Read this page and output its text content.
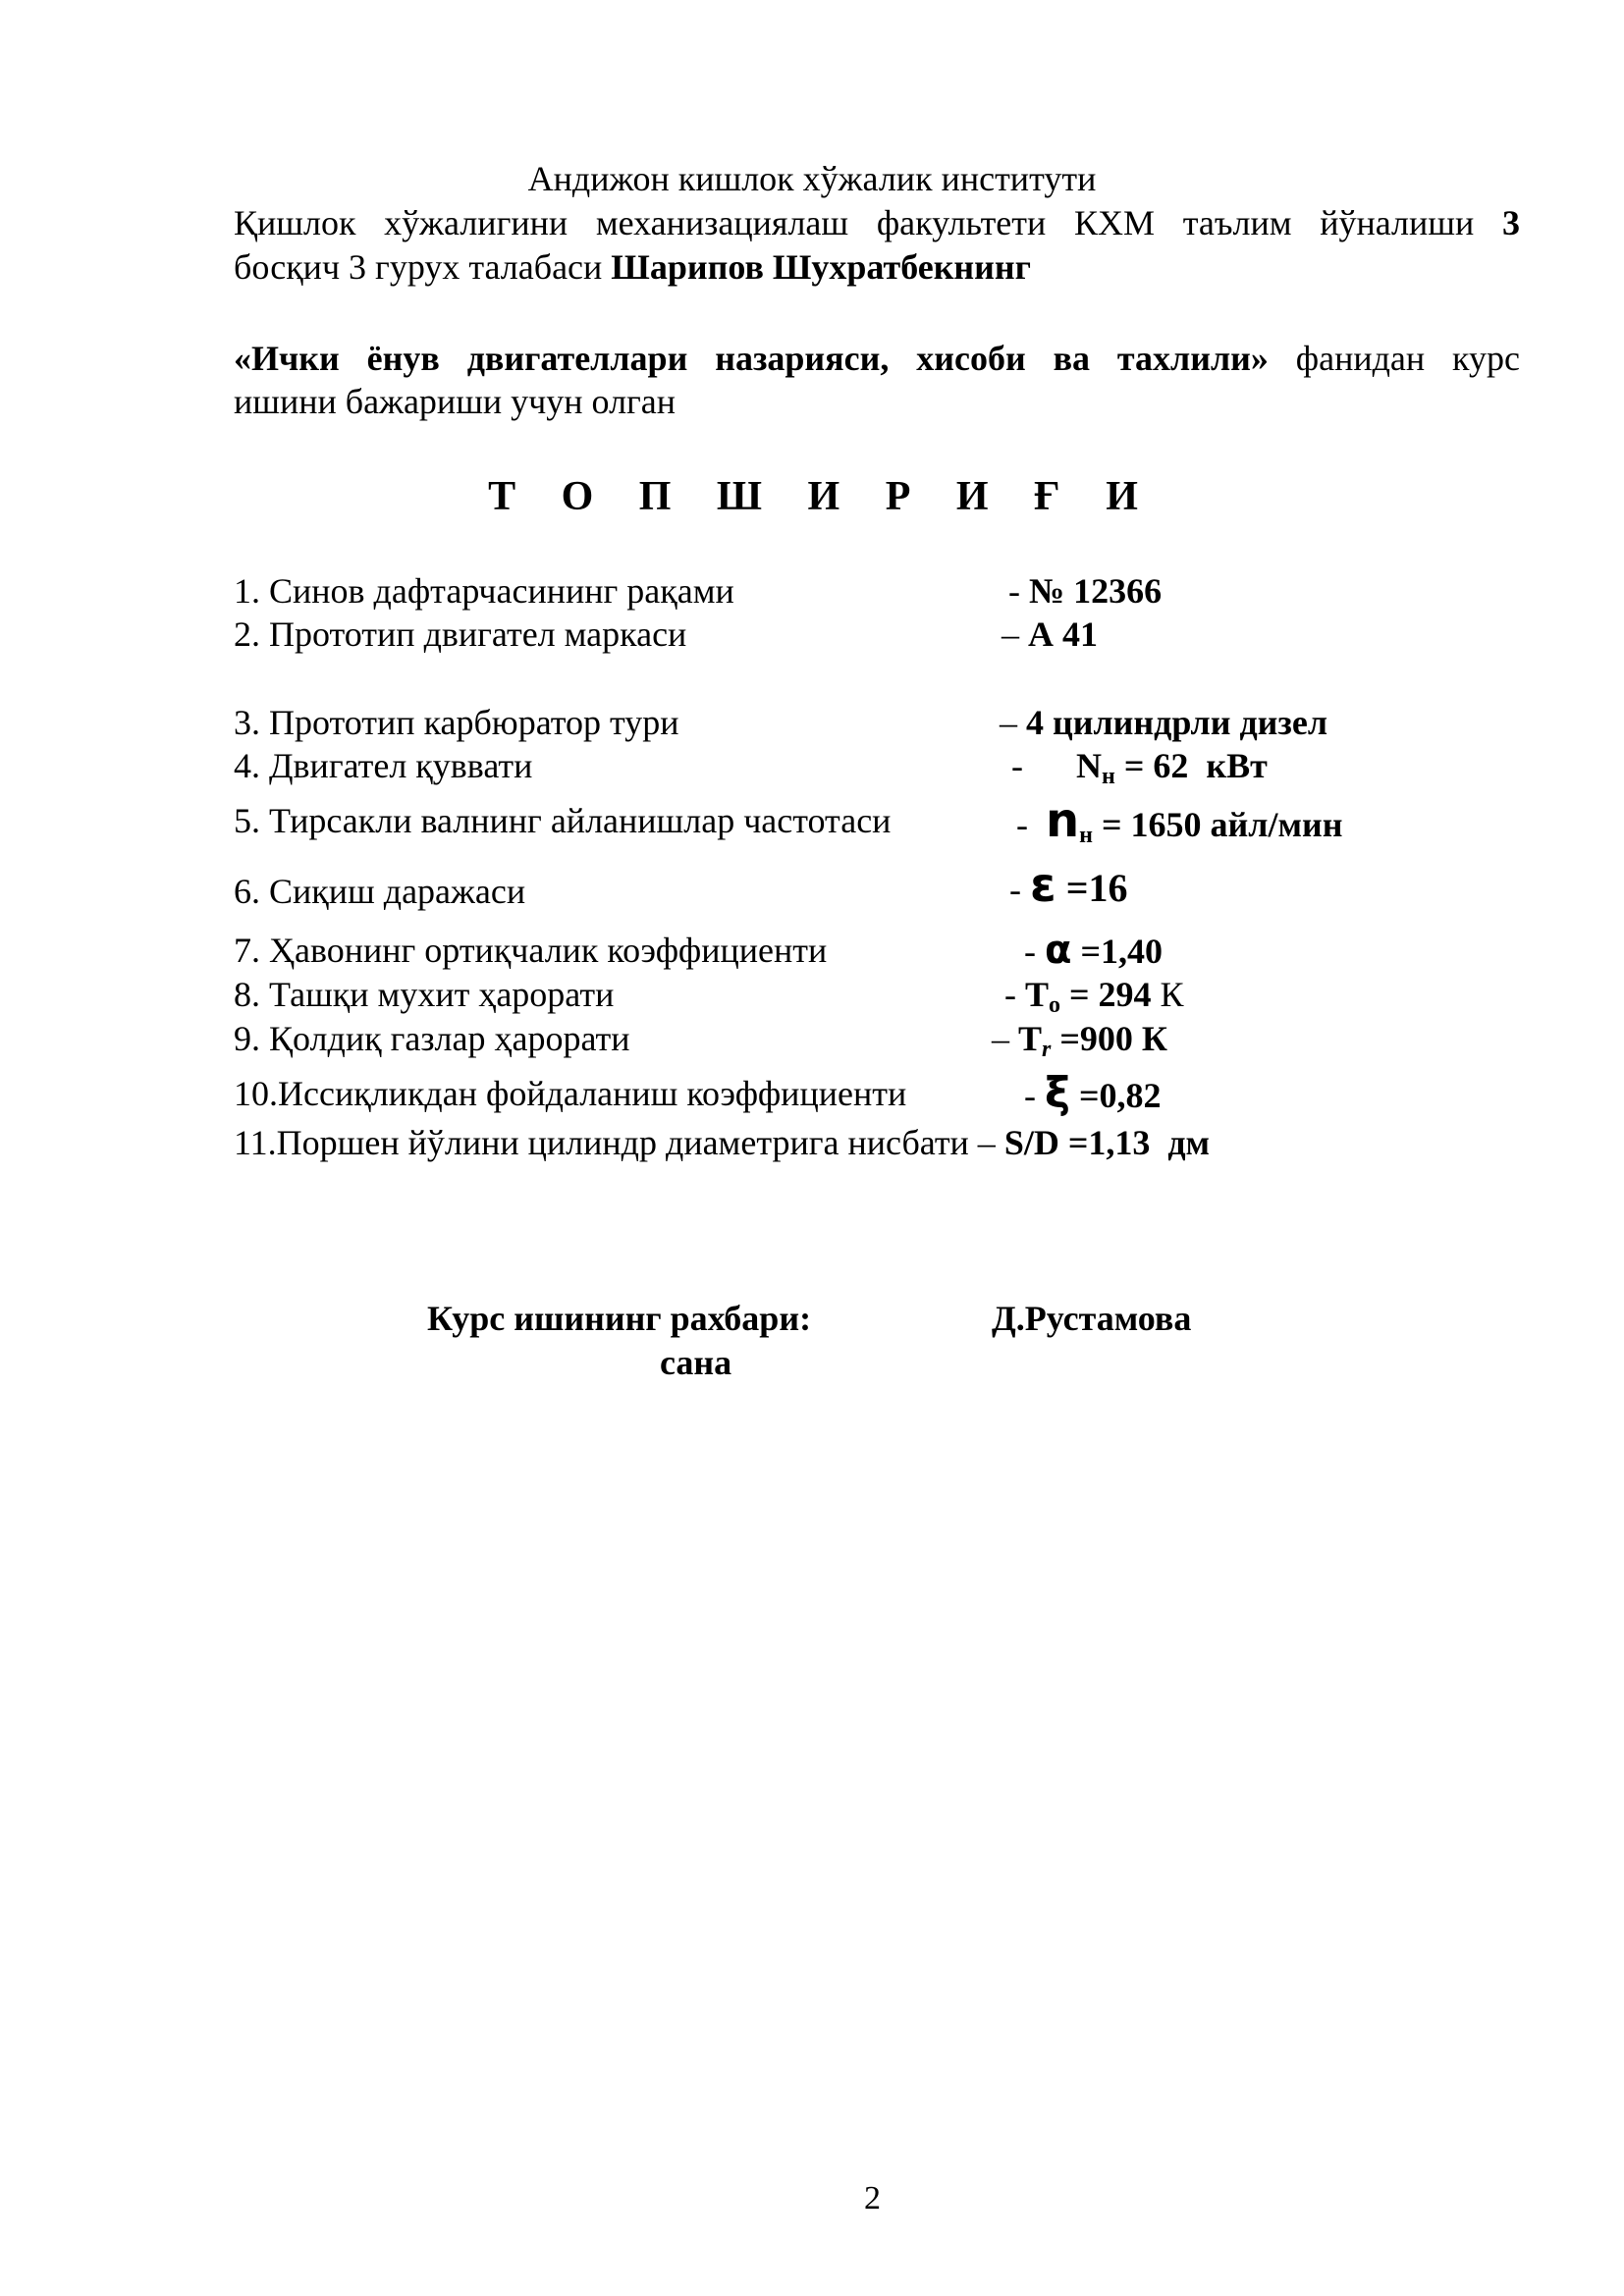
Андижон кишлок хўжалик институти
Қишлок хўжалигини механизациялаш факультети КХМ таълим йўналиши 3
босқич 3 гурух талабаси Шарипов Шухратбекнинг
«Ички ёнув двигателлари назарияси, хисоби ва тахлили» фанидан курс
ишини бажариши учун олган
Т О П Ш И Р И Ғ И
1. Синов дафтарчасининг рақами	- № 12366
2. Прототип двигател маркаси	– А 41
3. Прототип карбюратор тури	– 4 цилиндрли дизел
4. Двигател қуввати	-      $N_н = 62$  кВт
5. Тирсакли валнинг айланишлар частотаси	-  $n_н = 1650$ айл/мин
6. Сиқиш даражаси	- ε =16
7. Ҳавонинг ортиқчалик коэффициенти	- α =1,40
8. Ташқи мухит ҳарорати	- $T_о = 294$ К
9. Қолдиқ газлар ҳарорати	– $T_r =900$ К
10.Иссиқликдан фойдаланиш коэффициенти	- ξ =0,82
11.Поршен йўлини цилиндр диаметрига нисбати – S/D =1,13  дм
Курс ишининг рахбари:	Д.Рустамова
сана
2
